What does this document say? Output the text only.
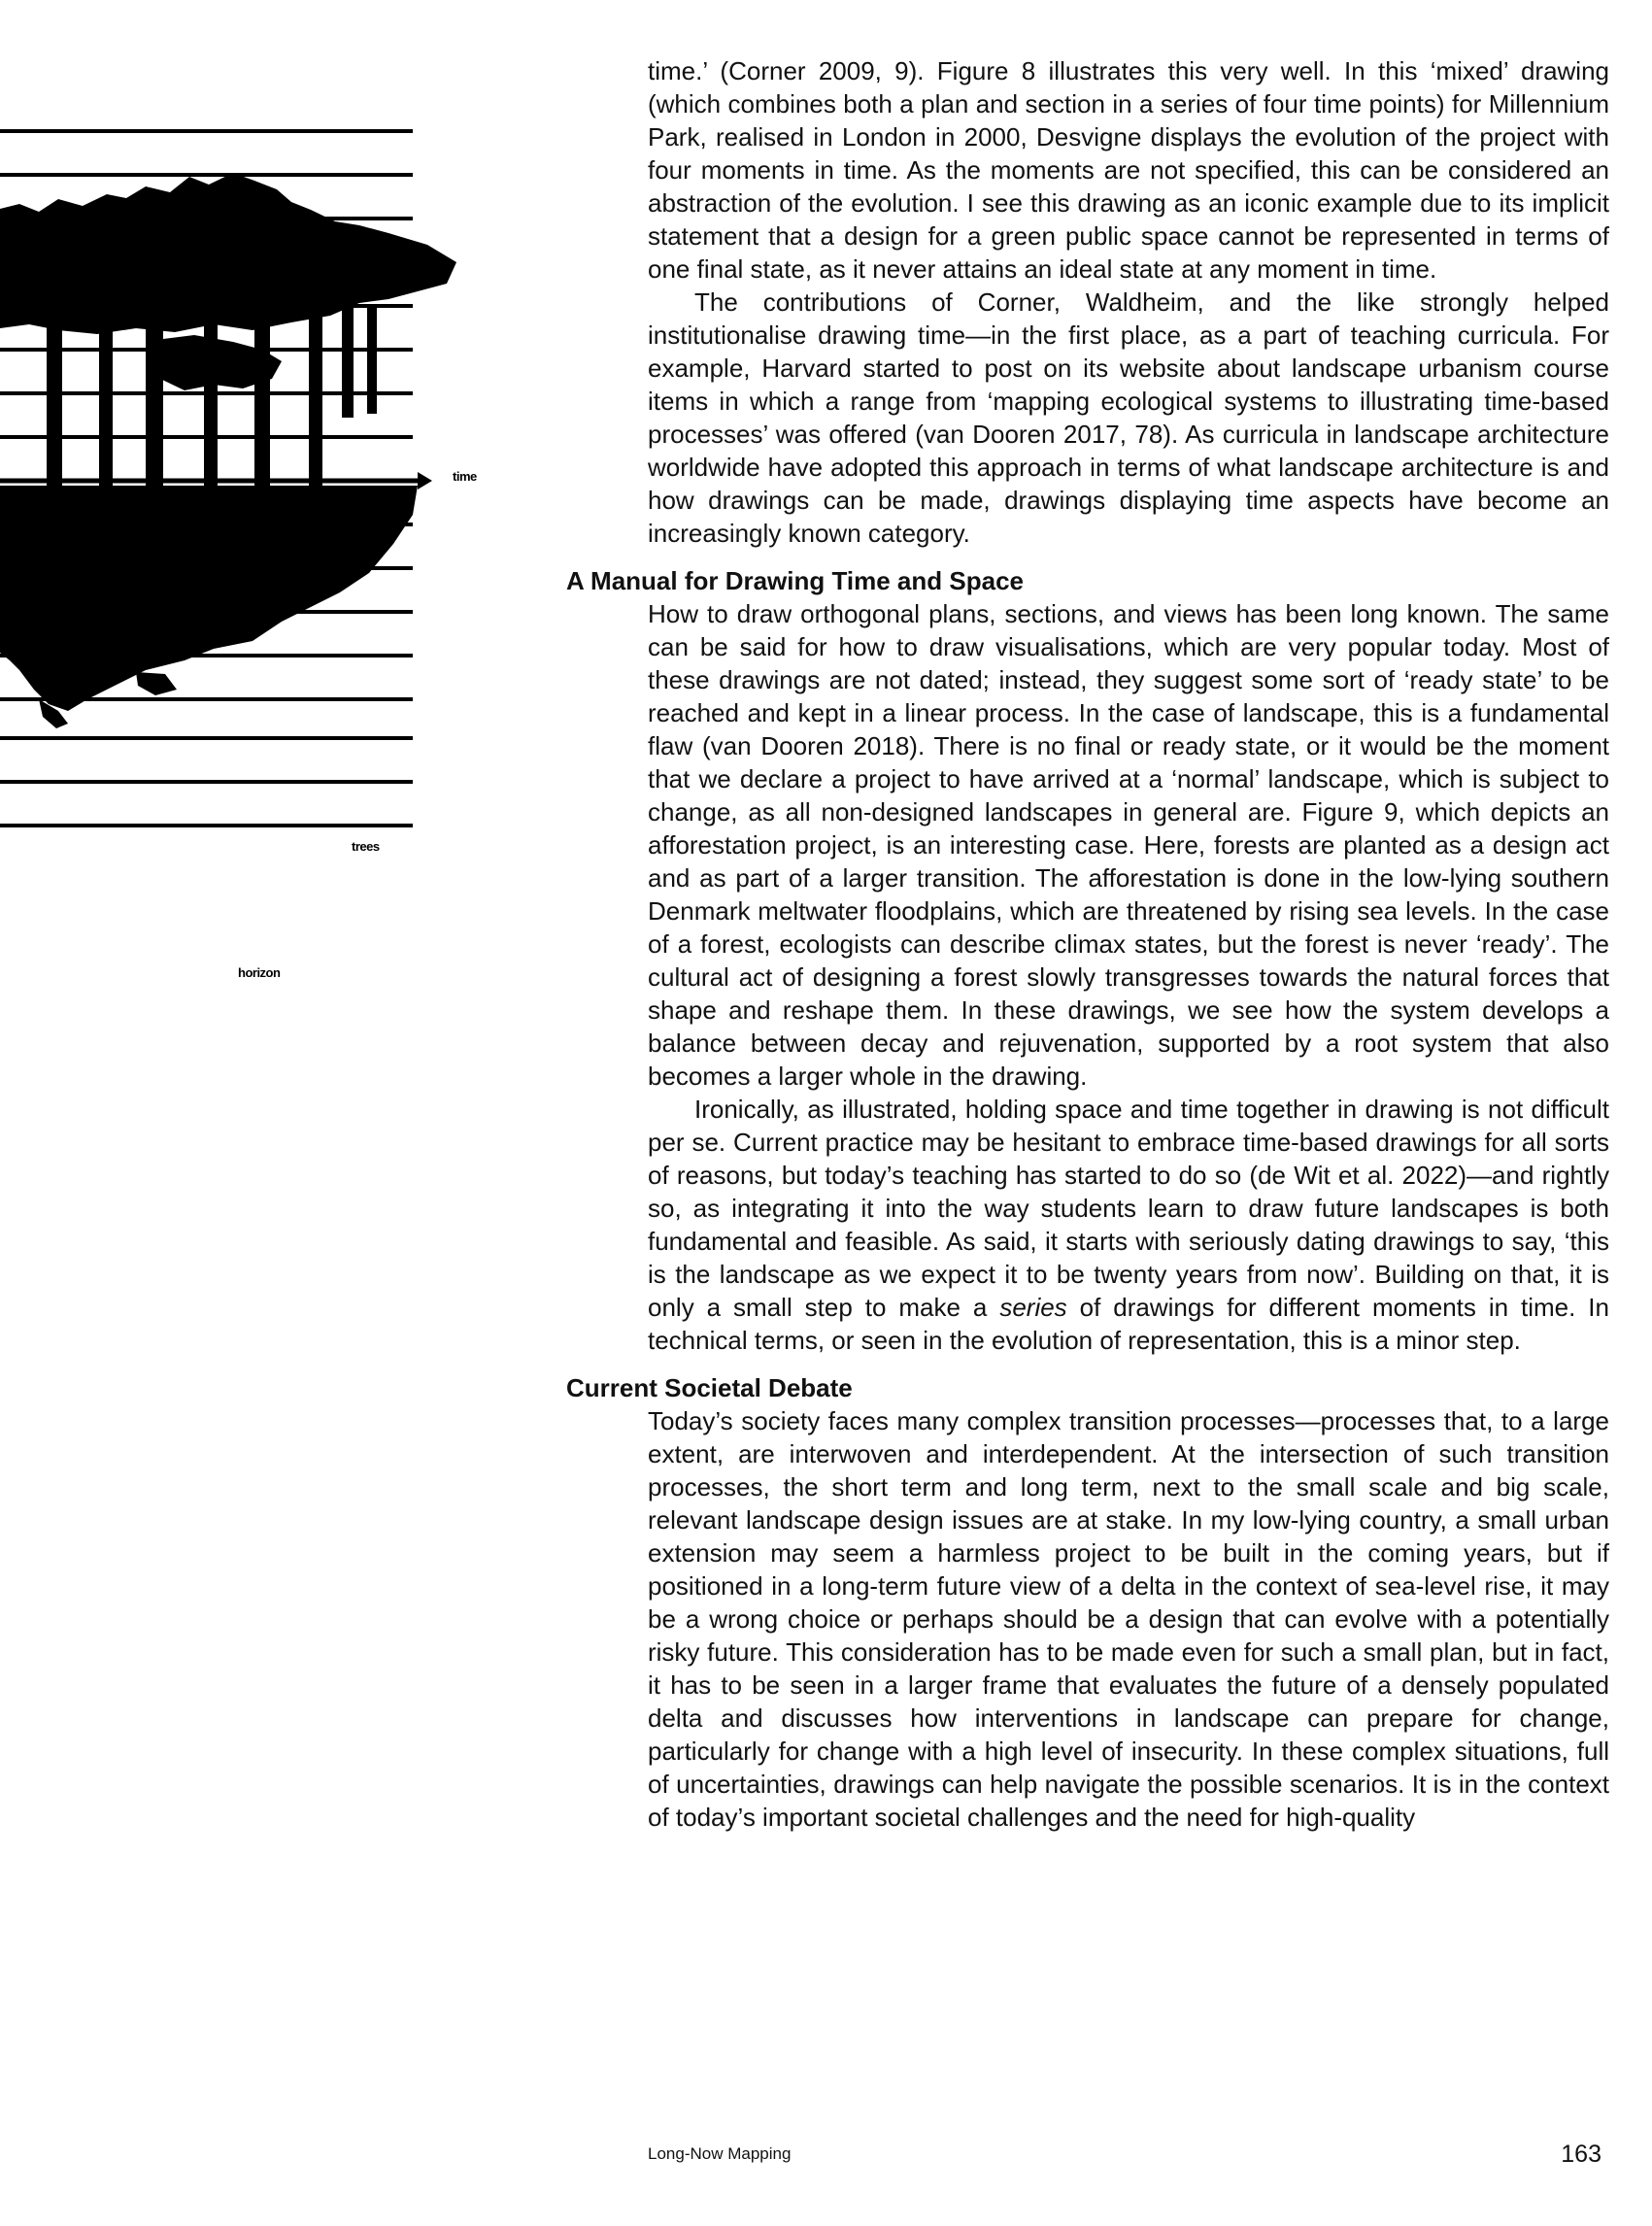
time
trees
horizon

time.’ (Corner 2009, 9). Figure 8 illustrates this very well. In this ‘mixed’ drawing (which combines both a plan and section in a series of four time points) for Millennium Park, realised in London in 2000, Desvigne displays the evolution of the project with four moments in time. As the moments are not specified, this can be considered an abstraction of the evolution. I see this drawing as an iconic example due to its implicit statement that a design for a green public space cannot be represented in terms of one final state, as it never attains an ideal state at any moment in time.

The contributions of Corner, Waldheim, and the like strongly helped institutionalise drawing time—in the first place, as a part of teaching curricula. For example, Harvard started to post on its website about landscape urbanism course items in which a range from ‘mapping ecological systems to illustrating time-based processes’ was offered (van Dooren 2017, 78). As curricula in landscape architecture worldwide have adopted this approach in terms of what landscape architecture is and how drawings can be made, drawings displaying time aspects have become an increasingly known category.

A Manual for Drawing Time and Space

How to draw orthogonal plans, sections, and views has been long known. The same can be said for how to draw visualisations, which are very popular today. Most of these drawings are not dated; instead, they suggest some sort of ‘ready state’ to be reached and kept in a linear process. In the case of landscape, this is a fundamental flaw (van Dooren 2018). There is no final or ready state, or it would be the moment that we declare a project to have arrived at a ‘normal’ landscape, which is subject to change, as all non-designed landscapes in general are. Figure 9, which depicts an afforestation project, is an interesting case. Here, forests are planted as a design act and as part of a larger transition. The afforestation is done in the low-lying southern Denmark meltwater floodplains, which are threatened by rising sea levels. In the case of a forest, ecologists can describe climax states, but the forest is never ‘ready’. The cultural act of designing a forest slowly transgresses towards the natural forces that shape and reshape them. In these drawings, we see how the system develops a balance between decay and rejuvenation, supported by a root system that also becomes a larger whole in the drawing.

Ironically, as illustrated, holding space and time together in drawing is not difficult per se. Current practice may be hesitant to embrace time-based drawings for all sorts of reasons, but today’s teaching has started to do so (de Wit et al. 2022)—and rightly so, as integrating it into the way students learn to draw future landscapes is both fundamental and feasible. As said, it starts with seriously dating drawings to say, ‘this is the landscape as we expect it to be twenty years from now’. Building on that, it is only a small step to make a series of drawings for different moments in time. In technical terms, or seen in the evolution of representation, this is a minor step.

Current Societal Debate

Today’s society faces many complex transition processes—processes that, to a large extent, are interwoven and interdependent. At the intersection of such transition processes, the short term and long term, next to the small scale and big scale, relevant landscape design issues are at stake. In my low-lying country, a small urban extension may seem a harmless project to be built in the coming years, but if positioned in a long-term future view of a delta in the context of sea-level rise, it may be a wrong choice or perhaps should be a design that can evolve with a potentially risky future. This consideration has to be made even for such a small plan, but in fact, it has to be seen in a larger frame that evaluates the future of a densely populated delta and discusses how interventions in landscape can prepare for change, particularly for change with a high level of insecurity. In these complex situations, full of uncertainties, drawings can help navigate the possible scenarios. It is in the context of today’s important societal challenges and the need for high-quality

Long-Now Mapping	163
